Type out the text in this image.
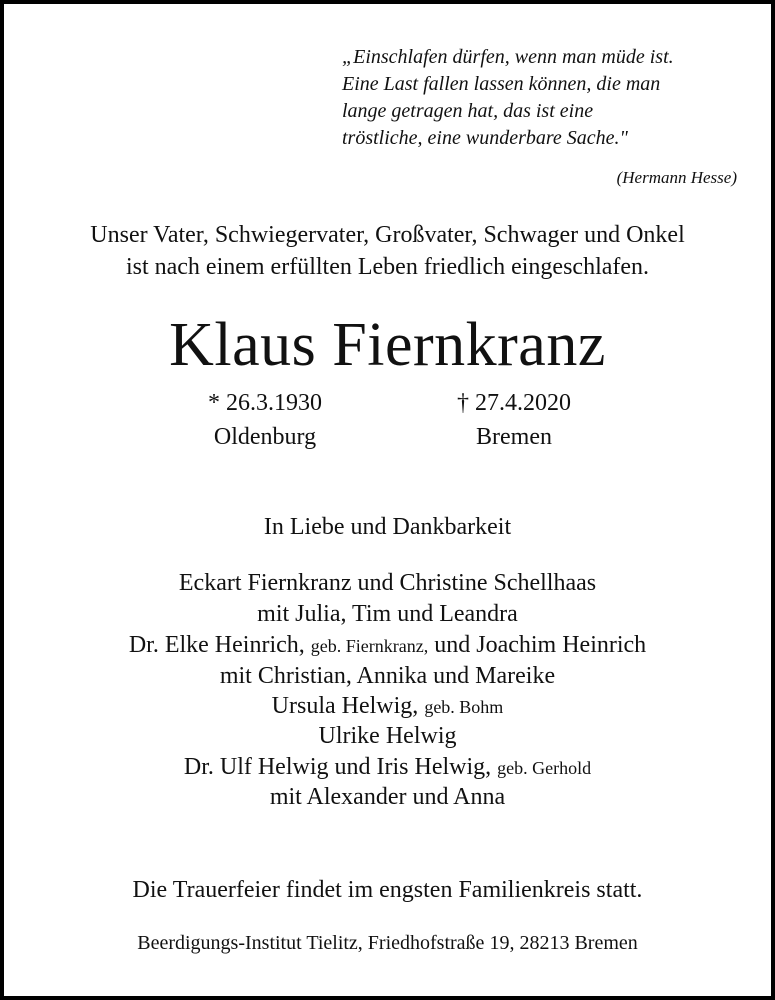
„Einschlafen dürfen, wenn man müde ist.
Eine Last fallen lassen können, die man
lange getragen hat, das ist eine
tröstliche, eine wunderbare Sache."
(Hermann Hesse)
Unser Vater, Schwiegervater, Großvater, Schwager und Onkel
ist nach einem erfüllten Leben friedlich eingeschlafen.
Klaus Fiernkranz
* 26.3.1930
Oldenburg
† 27.4.2020
Bremen
In Liebe und Dankbarkeit
Eckart Fiernkranz und Christine Schellhaas
mit Julia, Tim und Leandra
Dr. Elke Heinrich, geb. Fiernkranz, und Joachim Heinrich
mit Christian, Annika und Mareike
Ursula Helwig, geb. Bohm
Ulrike Helwig
Dr. Ulf Helwig und Iris Helwig, geb. Gerhold
mit Alexander und Anna
Die Trauerfeier findet im engsten Familienkreis statt.
Beerdigungs-Institut Tielitz, Friedhofstraße 19, 28213 Bremen
